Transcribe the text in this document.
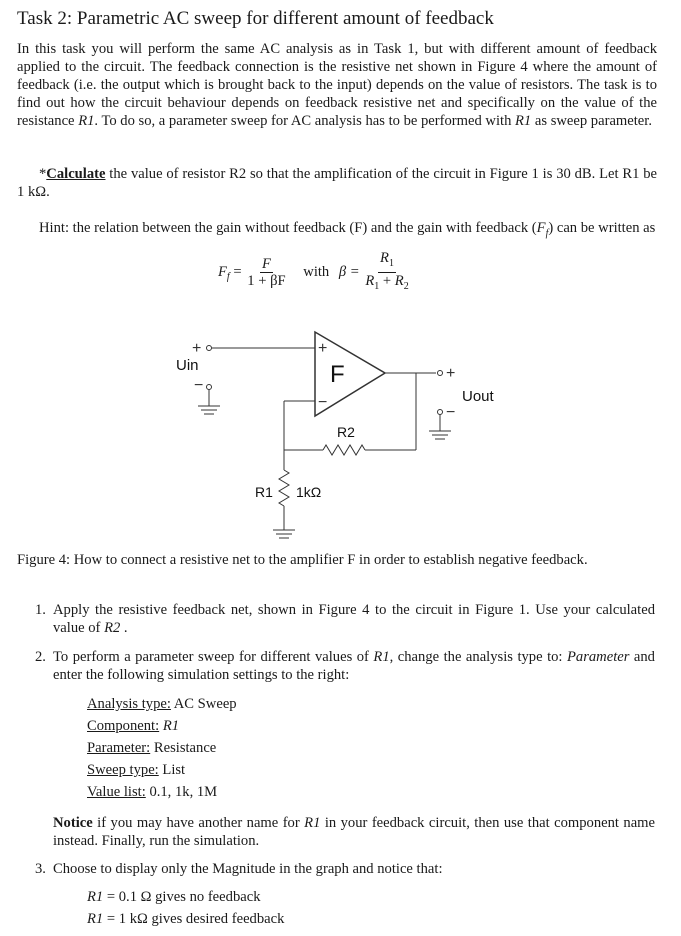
Task 2: Parametric AC sweep for different amount of feedback
In this task you will perform the same AC analysis as in Task 1, but with different amount of feedback applied to the circuit. The feedback connection is the resistive net shown in Figure 4 where the amount of feedback (i.e. the output which is brought back to the input) depends on the value of resistors. The task is to find out how the circuit behaviour depends on feedback resistive net and specifically on the value of the resistance R1. To do so, a parameter sweep for AC analysis has to be performed with R1 as sweep parameter.
*Calculate the value of resistor R2 so that the amplification of the circuit in Figure 1 is 30 dB. Let R1 be 1 kΩ.
Hint: the relation between the gain without feedback (F) and the gain with feedback $(F_f)$ can be written as
$F_f = \frac{F}{1 + \beta F}$ with $\beta = \frac{R_1}{R_1 + R_2}$
+
Uin
−
+
−
F	+
Uout
−
R2
R1 1kΩ
Figure 4: How to connect a resistive net to the amplifier F in order to establish negative feedback.
1. Apply the resistive feedback net, shown in Figure 4 to the circuit in Figure 1. Use your calculated value of R2 .
2. To perform a parameter sweep for different values of R1, change the analysis type to: Parameter and enter the following simulation settings to the right:
Analysis type: AC Sweep
Component: R1
Parameter: Resistance
Sweep type: List
Value list: 0.1, 1k, 1M
Notice if you may have another name for R1 in your feedback circuit, then use that component name instead. Finally, run the simulation.
3. Choose to display only the Magnitude in the graph and notice that:
R1 = 0.1 Ω gives no feedback
R1 = 1 kΩ gives desired feedback
